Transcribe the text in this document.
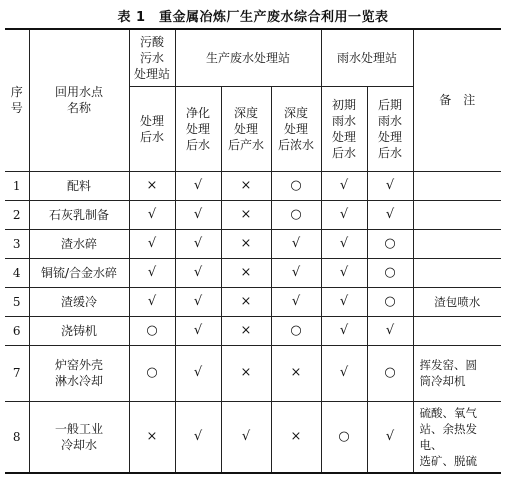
表 1　重金属冶炼厂生产废水综合利用一览表
序
号	回用水点
名称	污酸
污水
处理站	生产废水处理站			雨水处理站		备　注
		处理
后水	净化
处理
后水	深度
处理
后产水	深度
处理
后浓水	初期
雨水
处理
后水	后期
雨水
处理
后水	
1	配料	×	√	×	○	√	√	
2	石灰乳制备	√	√	×	○	√	√	
3	渣水碎	√	√	×	√	√	○	
4	铜锍/合金水碎	√	√	×	√	√	○	
5	渣缓冷	√	√	×	√	√	○	渣包喷水
6	浇铸机	○	√	×	○	√	√	
7	炉窑外壳
淋水冷却	○	√	×	×	√	○	挥发窑、圆
筒冷却机
8	一般工业
冷却水	×	√	√	×	○	√	硫酸、氧气
站、余热发电、
选矿、脱硫
